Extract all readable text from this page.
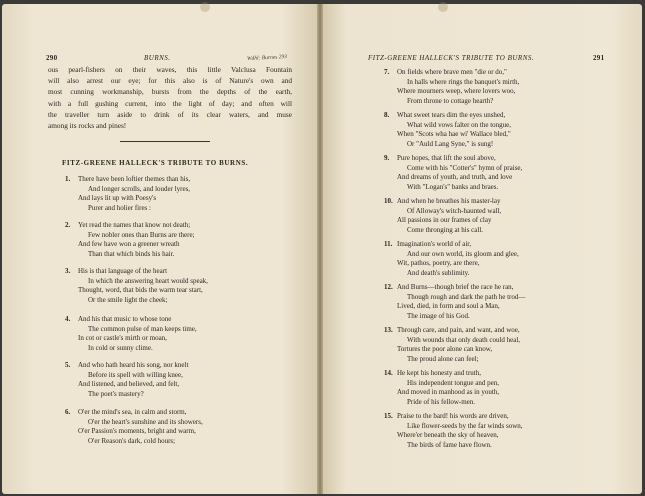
290	BURNS.	Wdhl: Burnes 293
ous pearl-fishers on their waves, this little Valclusa Fountain
will also arrest our eye; for this also is of Nature's own and
most cunning workmanship, bursts from the depths of the earth,
with a full gushing current, into the light of day; and often will
the traveller turn aside to drink of its clear waters, and muse
among its rocks and pines!
FITZ-GREENE HALLECK'S TRIBUTE TO BURNS.
1. There have been loftier themes than his,
And longer scrolls, and louder lyres,
And lays lit up with Poesy's
Purer and holier fires :
2. Yet read the names that know not death;
Few nobler ones than Burns are there;
And few have won a greener wreath
Than that which binds his hair.
3. His is that language of the heart
In which the answering heart would speak,
Thought, word, that bids the warm tear start,
Or the smile light the cheek;
4. And his that music to whose tone
The common pulse of man keeps time,
In cot or castle's mirth or moan,
In cold or sunny clime.
5. And who hath heard his song, nor knelt
Before its spell with willing knee,
And listened, and believed, and felt,
The poet's mastery?
6. O'er the mind's sea, in calm and storm,
O'er the heart's sunshine and its showers,
O'er Passion's moments, bright and warm,
O'er Reason's dark, cold hours;
FITZ-GREENE HALLECK'S TRIBUTE TO BURNS.	291
7. On fields where brave men "die or do,"
In halls where rings the banquet's mirth,
Where mourners weep, where lovers woo,
From throne to cottage hearth?
8. What sweet tears dim the eyes unshed,
What wild vows falter on the tongue,
When "Scots wha hae wi' Wallace bled,"
Or "Auld Lang Syne," is sung!
9. Pure hopes, that lift the soul above,
Come with his "Cotter's" hymn of praise,
And dreams of youth, and truth, and love
With "Logan's" banks and braes.
10. And when he breathes his master-lay
Of Alloway's witch-haunted wall,
All passions in our frames of clay
Come thronging at his call.
11. Imagination's world of air,
And our own world, its gloom and glee,
Wit, pathos, poetry, are there,
And death's sublimity.
12. And Burns—though brief the race he ran,
Though rough and dark the path he trod—
Lived, died, in form and soul a Man,
The image of his God.
13. Through care, and pain, and want, and woe,
With wounds that only death could heal,
Tortures the poor alone can know,
The proud alone can feel;
14. He kept his honesty and truth,
His independent tongue and pen,
And moved in manhood as in youth,
Pride of his fellow-men.
15. Praise to the bard! his words are driven,
Like flower-seeds by the far winds sown,
Where'er beneath the sky of heaven,
The birds of fame have flown.
